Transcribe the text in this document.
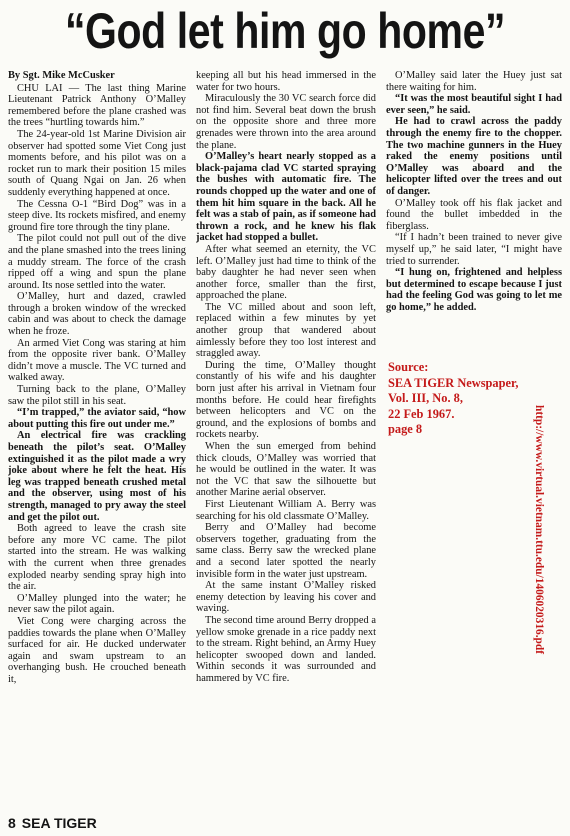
“God let him go home”

By Sgt. Mike McCusker

CHU LAI — The last thing Marine Lieutenant Patrick Anthony O’Malley remembered before the plane crashed was the trees “hurtling towards him.”

The 24-year-old 1st Marine Division air observer had spotted some Viet Cong just moments before, and his pilot was on a rocket run to mark their position 15 miles south of Quang Ngai on Jan. 26 when suddenly everything happened at once.

The Cessna O-1 “Bird Dog” was in a steep dive. Its rockets misfired, and enemy ground fire tore through the tiny plane.

The pilot could not pull out of the dive and the plane smashed into the trees lining a muddy stream. The force of the crash ripped off a wing and spun the plane around. Its nose settled into the water.

O’Malley, hurt and dazed, crawled through a broken window of the wrecked cabin and was about to check the damage when he froze.

An armed Viet Cong was staring at him from the opposite river bank. O’Malley didn’t move a muscle. The VC turned and walked away.

Turning back to the plane, O’Malley saw the pilot still in his seat.

“I’m trapped,” the aviator said, “how about putting this fire out under me.”

An electrical fire was crackling beneath the pilot’s seat. O’Malley extinguished it as the pilot made a wry joke about where he felt the heat. His leg was trapped beneath crushed metal and the observer, using most of his strength, managed to pry away the steel and get the pilot out.

Both agreed to leave the crash site before any more VC came. The pilot started into the stream. He was walking with the current when three grenades exploded nearby sending spray high into the air.

O’Malley plunged into the water; he never saw the pilot again.

Viet Cong were charging across the paddies towards the plane when O’Malley surfaced for air. He ducked underwater again and swam upstream to an overhanging bush. He crouched beneath it,

keeping all but his head immersed in the water for two hours.

Miraculously the 30 VC search force did not find him. Several beat down the brush on the opposite shore and three more grenades were thrown into the area around the plane.

O’Malley’s heart nearly stopped as a black-pajama clad VC started spraying the bushes with automatic fire. The rounds chopped up the water and one of them hit him square in the back. All he felt was a stab of pain, as if someone had thrown a rock, and he knew his flak jacket had stopped a bullet.

After what seemed an eternity, the VC left. O’Malley just had time to think of the baby daughter he had never seen when another force, smaller than the first, approached the plane.

The VC milled about and soon left, replaced within a few minutes by yet another group that wandered about aimlessly before they too lost interest and straggled away.

During the time, O’Malley thought constantly of his wife and his daughter born just after his arrival in Vietnam four months before. He could hear firefights between helicopters and VC on the ground, and the explosions of bombs and rockets nearby.

When the sun emerged from behind thick clouds, O’Malley was worried that he would be outlined in the water. It was not the VC that saw the silhouette but another Marine aerial observer.

First Lieutenant William A. Berry was searching for his old classmate O’Malley.

Berry and O’Malley had become observers together, graduating from the same class. Berry saw the wrecked plane and a second later spotted the nearly invisible form in the water just upstream.

At the same instant O’Malley risked enemy detection by leaving his cover and waving.

The second time around Berry dropped a yellow smoke grenade in a rice paddy next to the stream. Right behind, an Army Huey helicopter swooped down and landed. Within seconds it was surrounded and hammered by VC fire.

O’Malley said later the Huey just sat there waiting for him.

“It was the most beautiful sight I had ever seen,” he said.

He had to crawl across the paddy through the enemy fire to the chopper. The two machine gunners in the Huey raked the enemy positions until O’Malley was aboard and the helicopter lifted over the trees and out of danger.

O’Malley took off his flak jacket and found the bullet imbedded in the fiberglass.

“If I hadn’t been trained to never give myself up,” he said later, “I might have tried to surrender.

“I hung on, frightened and helpless but determined to escape because I just had the feeling God was going to let me go home,” he added.

Source:
SEA TIGER Newspaper,
Vol. III, No. 8,
22 Feb 1967.
page 8	http://www.virtual.vietnam.ttu.edu/1406020316.pdf
8 SEA TIGER
